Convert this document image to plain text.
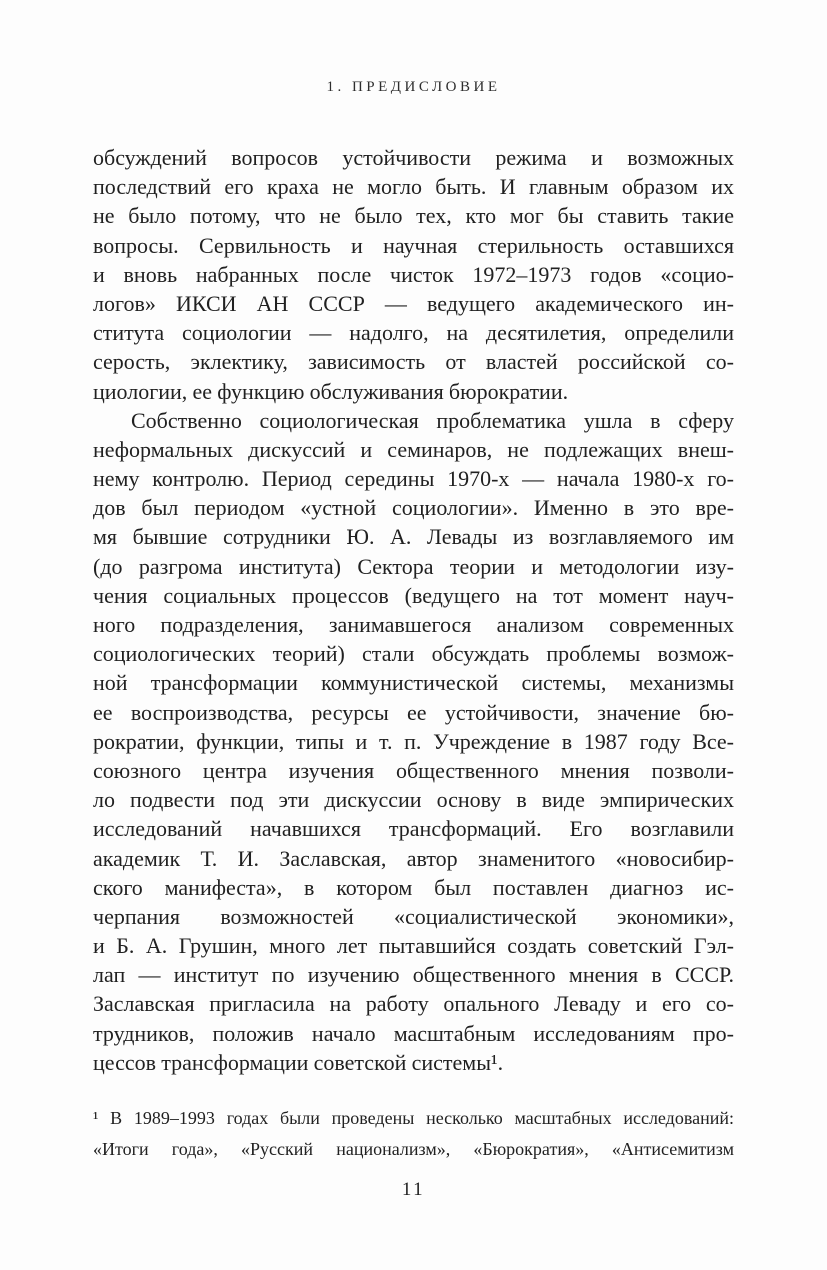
1. ПРЕДИСЛОВИЕ
обсуждений вопросов устойчивости режима и возможных
последствий его краха не могло быть. И главным образом их
не было потому, что не было тех, кто мог бы ставить такие
вопросы. Сервильность и научная стерильность оставшихся
и вновь набранных после чисток 1972–1973 годов «социо-
логов» ИКСИ АН СССР — ведущего академического ин-
ститута социологии — надолго, на десятилетия, определили
серость, эклектику, зависимость от властей российской со-
циологии, ее функцию обслуживания бюрократии.
Собственно социологическая проблематика ушла в сферу
неформальных дискуссий и семинаров, не подлежащих внеш-
нему контролю. Период середины 1970-х — начала 1980-х го-
дов был периодом «устной социологии». Именно в это вре-
мя бывшие сотрудники Ю. А. Левады из возглавляемого им
(до разгрома института) Сектора теории и методологии изу-
чения социальных процессов (ведущего на тот момент науч-
ного подразделения, занимавшегося анализом современных
социологических теорий) стали обсуждать проблемы возмож-
ной трансформации коммунистической системы, механизмы
ее воспроизводства, ресурсы ее устойчивости, значение бю-
рократии, функции, типы и т. п. Учреждение в 1987 году Все-
союзного центра изучения общественного мнения позволи-
ло подвести под эти дискуссии основу в виде эмпирических
исследований начавшихся трансформаций. Его возглавили
академик Т. И. Заславская, автор знаменитого «новосибир-
ского манифеста», в котором был поставлен диагноз ис-
черпания возможностей «социалистической экономики»,
и Б. А. Грушин, много лет пытавшийся создать советский Гэл-
лап — институт по изучению общественного мнения в СССР.
Заславская пригласила на работу опального Леваду и его со-
трудников, положив начало масштабным исследованиям про-
цессов трансформации советской системы¹.
¹ В 1989–1993 годах были проведены несколько масштабных исследований:
«Итоги года», «Русский национализм», «Бюрократия», «Антисемитизм
11
